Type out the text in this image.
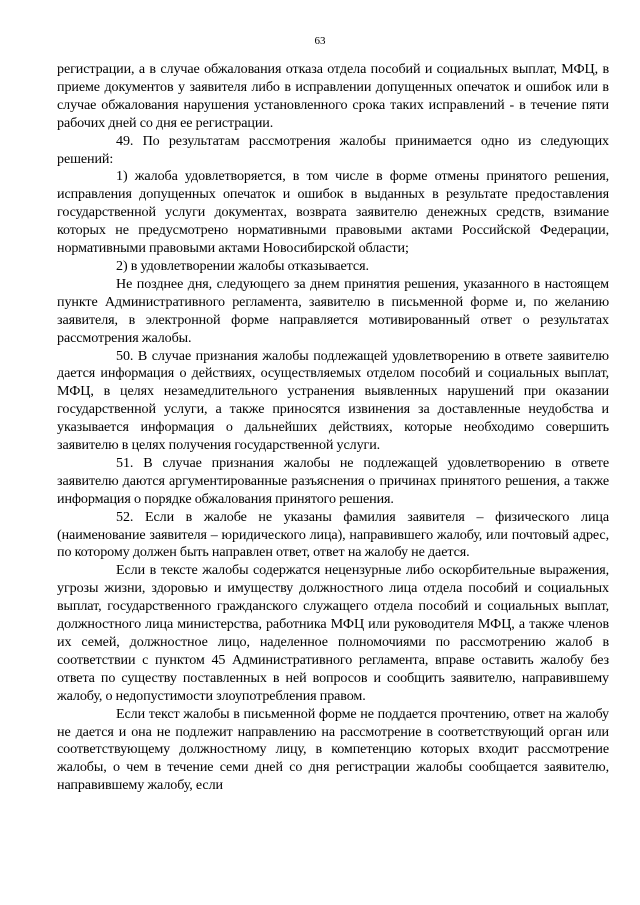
63

регистрации, а в случае обжалования отказа отдела пособий и социальных выплат, МФЦ, в приеме документов у заявителя либо в исправлении допущенных опечаток и ошибок или в случае обжалования нарушения установленного срока таких исправлений - в течение пяти рабочих дней со дня ее регистрации.

49. По результатам рассмотрения жалобы принимается одно из следующих решений:

1) жалоба удовлетворяется, в том числе в форме отмены принятого решения, исправления допущенных опечаток и ошибок в выданных в результате предоставления государственной услуги документах, возврата заявителю денежных средств, взимание которых не предусмотрено нормативными правовыми актами Российской Федерации, нормативными правовыми актами Новосибирской области;

2) в удовлетворении жалобы отказывается.

Не позднее дня, следующего за днем принятия решения, указанного в настоящем пункте Административного регламента, заявителю в письменной форме и, по желанию заявителя, в электронной форме направляется мотивированный ответ о результатах рассмотрения жалобы.

50. В случае признания жалобы подлежащей удовлетворению в ответе заявителю дается информация о действиях, осуществляемых отделом пособий и социальных выплат, МФЦ, в целях незамедлительного устранения выявленных нарушений при оказании государственной услуги, а также приносятся извинения за доставленные неудобства и указывается информация о дальнейших действиях, которые необходимо совершить заявителю в целях получения государственной услуги.

51. В случае признания жалобы не подлежащей удовлетворению в ответе заявителю даются аргументированные разъяснения о причинах принятого решения, а также информация о порядке обжалования принятого решения.

52. Если в жалобе не указаны фамилия заявителя – физического лица (наименование заявителя – юридического лица), направившего жалобу, или почтовый адрес, по которому должен быть направлен ответ, ответ на жалобу не дается.

Если в тексте жалобы содержатся нецензурные либо оскорбительные выражения, угрозы жизни, здоровью и имуществу должностного лица отдела пособий и социальных выплат, государственного гражданского служащего отдела пособий и социальных выплат, должностного лица министерства, работника МФЦ или руководителя МФЦ, а также членов их семей, должностное лицо, наделенное полномочиями по рассмотрению жалоб в соответствии с пунктом 45 Административного регламента, вправе оставить жалобу без ответа по существу поставленных в ней вопросов и сообщить заявителю, направившему жалобу, о недопустимости злоупотребления правом.

Если текст жалобы в письменной форме не поддается прочтению, ответ на жалобу не дается и она не подлежит направлению на рассмотрение в соответствующий орган или соответствующему должностному лицу, в компетенцию которых входит рассмотрение жалобы, о чем в течение семи дней со дня регистрации жалобы сообщается заявителю, направившему жалобу, если
